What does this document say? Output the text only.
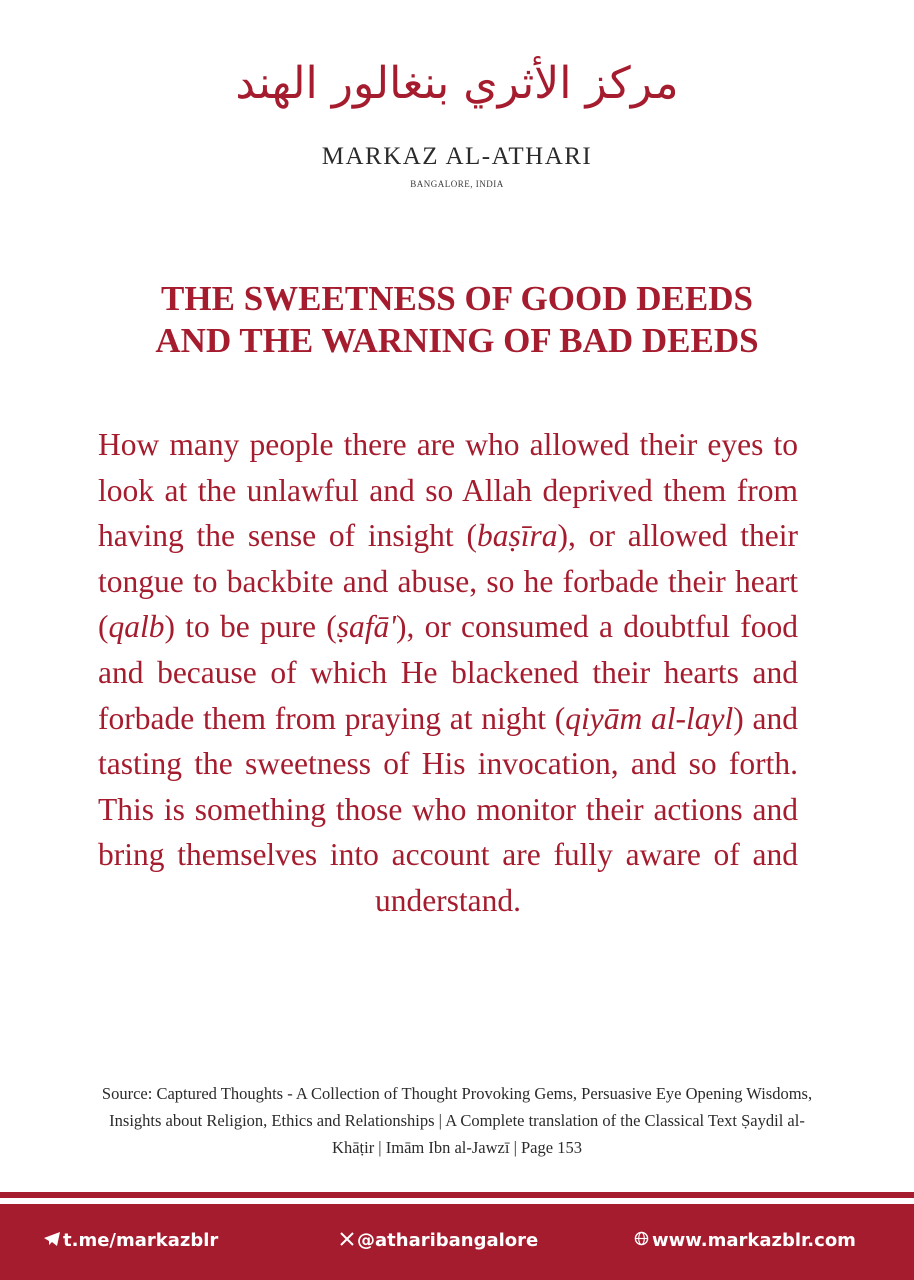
مركز الأثري بنغالور الهند
MARKAZ AL-ATHARI
BANGALORE, INDIA
THE SWEETNESS OF GOOD DEEDS
AND THE WARNING OF BAD DEEDS
How many people there are who allowed their eyes to look at the unlawful and so Allah deprived them from having the sense of insight (baṣīra), or allowed their tongue to backbite and abuse, so he forbade their heart (qalb) to be pure (ṣafā'), or consumed a doubtful food and because of which He blackened their hearts and forbade them from praying at night (qiyām al-layl) and tasting the sweetness of His invocation, and so forth. This is something those who monitor their actions and bring themselves into account are fully aware of and understand.
Source: Captured Thoughts - A Collection of Thought Provoking Gems, Persuasive Eye Opening Wisdoms, Insights about Religion, Ethics and Relationships | A Complete translation of the Classical Text Ṣaydil al-Khāṭir | Imām Ibn al-Jawzī | Page 153
t.me/markazblr	@atharibangalore	www.markazblr.com
